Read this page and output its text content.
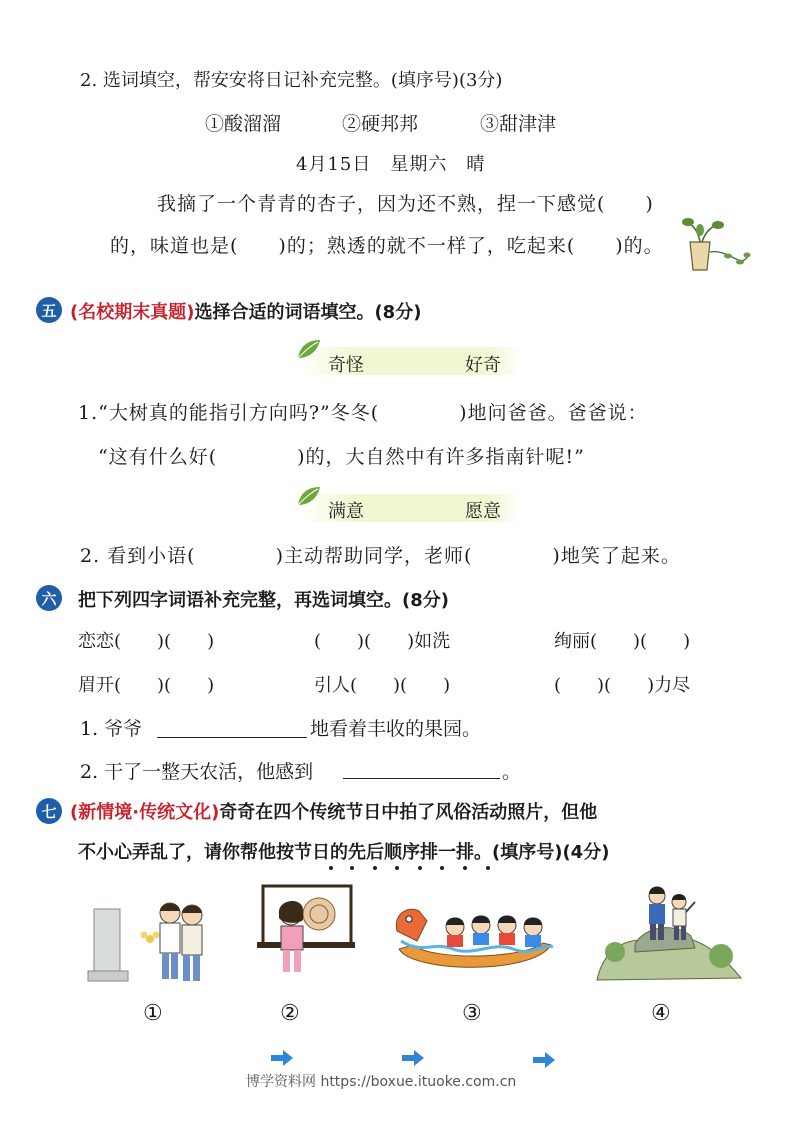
2. 选词填空，帮安安将日记补充完整。(填序号)(3分)
①酸溜溜	②硬邦邦	③甜津津
4月15日　星期六　晴
我摘了一个青青的杏子，因为还不熟，捏一下感觉(　　)
的，味道也是(　　)的；熟透的就不一样了，吃起来(　　)的。
五 (名校期末真题)选择合适的词语填空。(8分)
奇怪	好奇
1.“大树真的能指引方向吗?”冬冬(　　　　)地问爸爸。爸爸说：
“这有什么好(　　　　)的，大自然中有许多指南针呢!”
满意	愿意
2. 看到小语(　　　　)主动帮助同学，老师(　　　　)地笑了起来。
六	把下列四字词语补充完整，再选词填空。(8分)
恋恋(　　)(　　)	(　　)(　　)如洗	绚丽(　　)(　　)
眉开(　　)(　　)	引人(　　)(　　)	(　　)(　　)力尽
1. 爷爷	地看着丰收的果园。
2. 干了一整天农活，他感到	。
七 (新情境·传统文化)奇奇在四个传统节日中拍了风俗活动照片，但他
不小心弄乱了，请你帮他按节日的先后顺序排一排。(填序号)(4分)
①	②	③	④
博学资料网 https://boxue.ituoke.com.cn
